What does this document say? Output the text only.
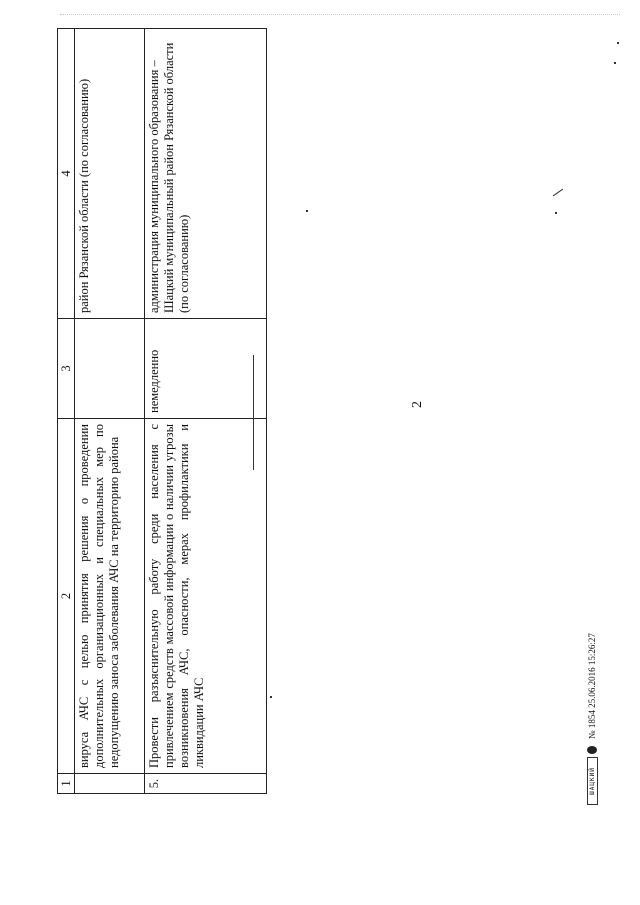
2
1	2	3	4
	вируса АЧС с целью принятия решения о проведении дополнительных организационных и специальных мер по недопущению заноса заболевания АЧС на территорию района		район Рязанской области (по согласованию)
5.	Провести разъяснительную работу среди населения с привлечением средств массовой информации о наличии угрозы возникновения АЧС, опасности, мерах профилактики и ликвидации АЧС	немедленно	администрация муниципального образования – Шацкий муниципальный район Рязанской области (по согласованию)
ШАЦКИЙ
№ 1854 25.06.2016 15:26:27
